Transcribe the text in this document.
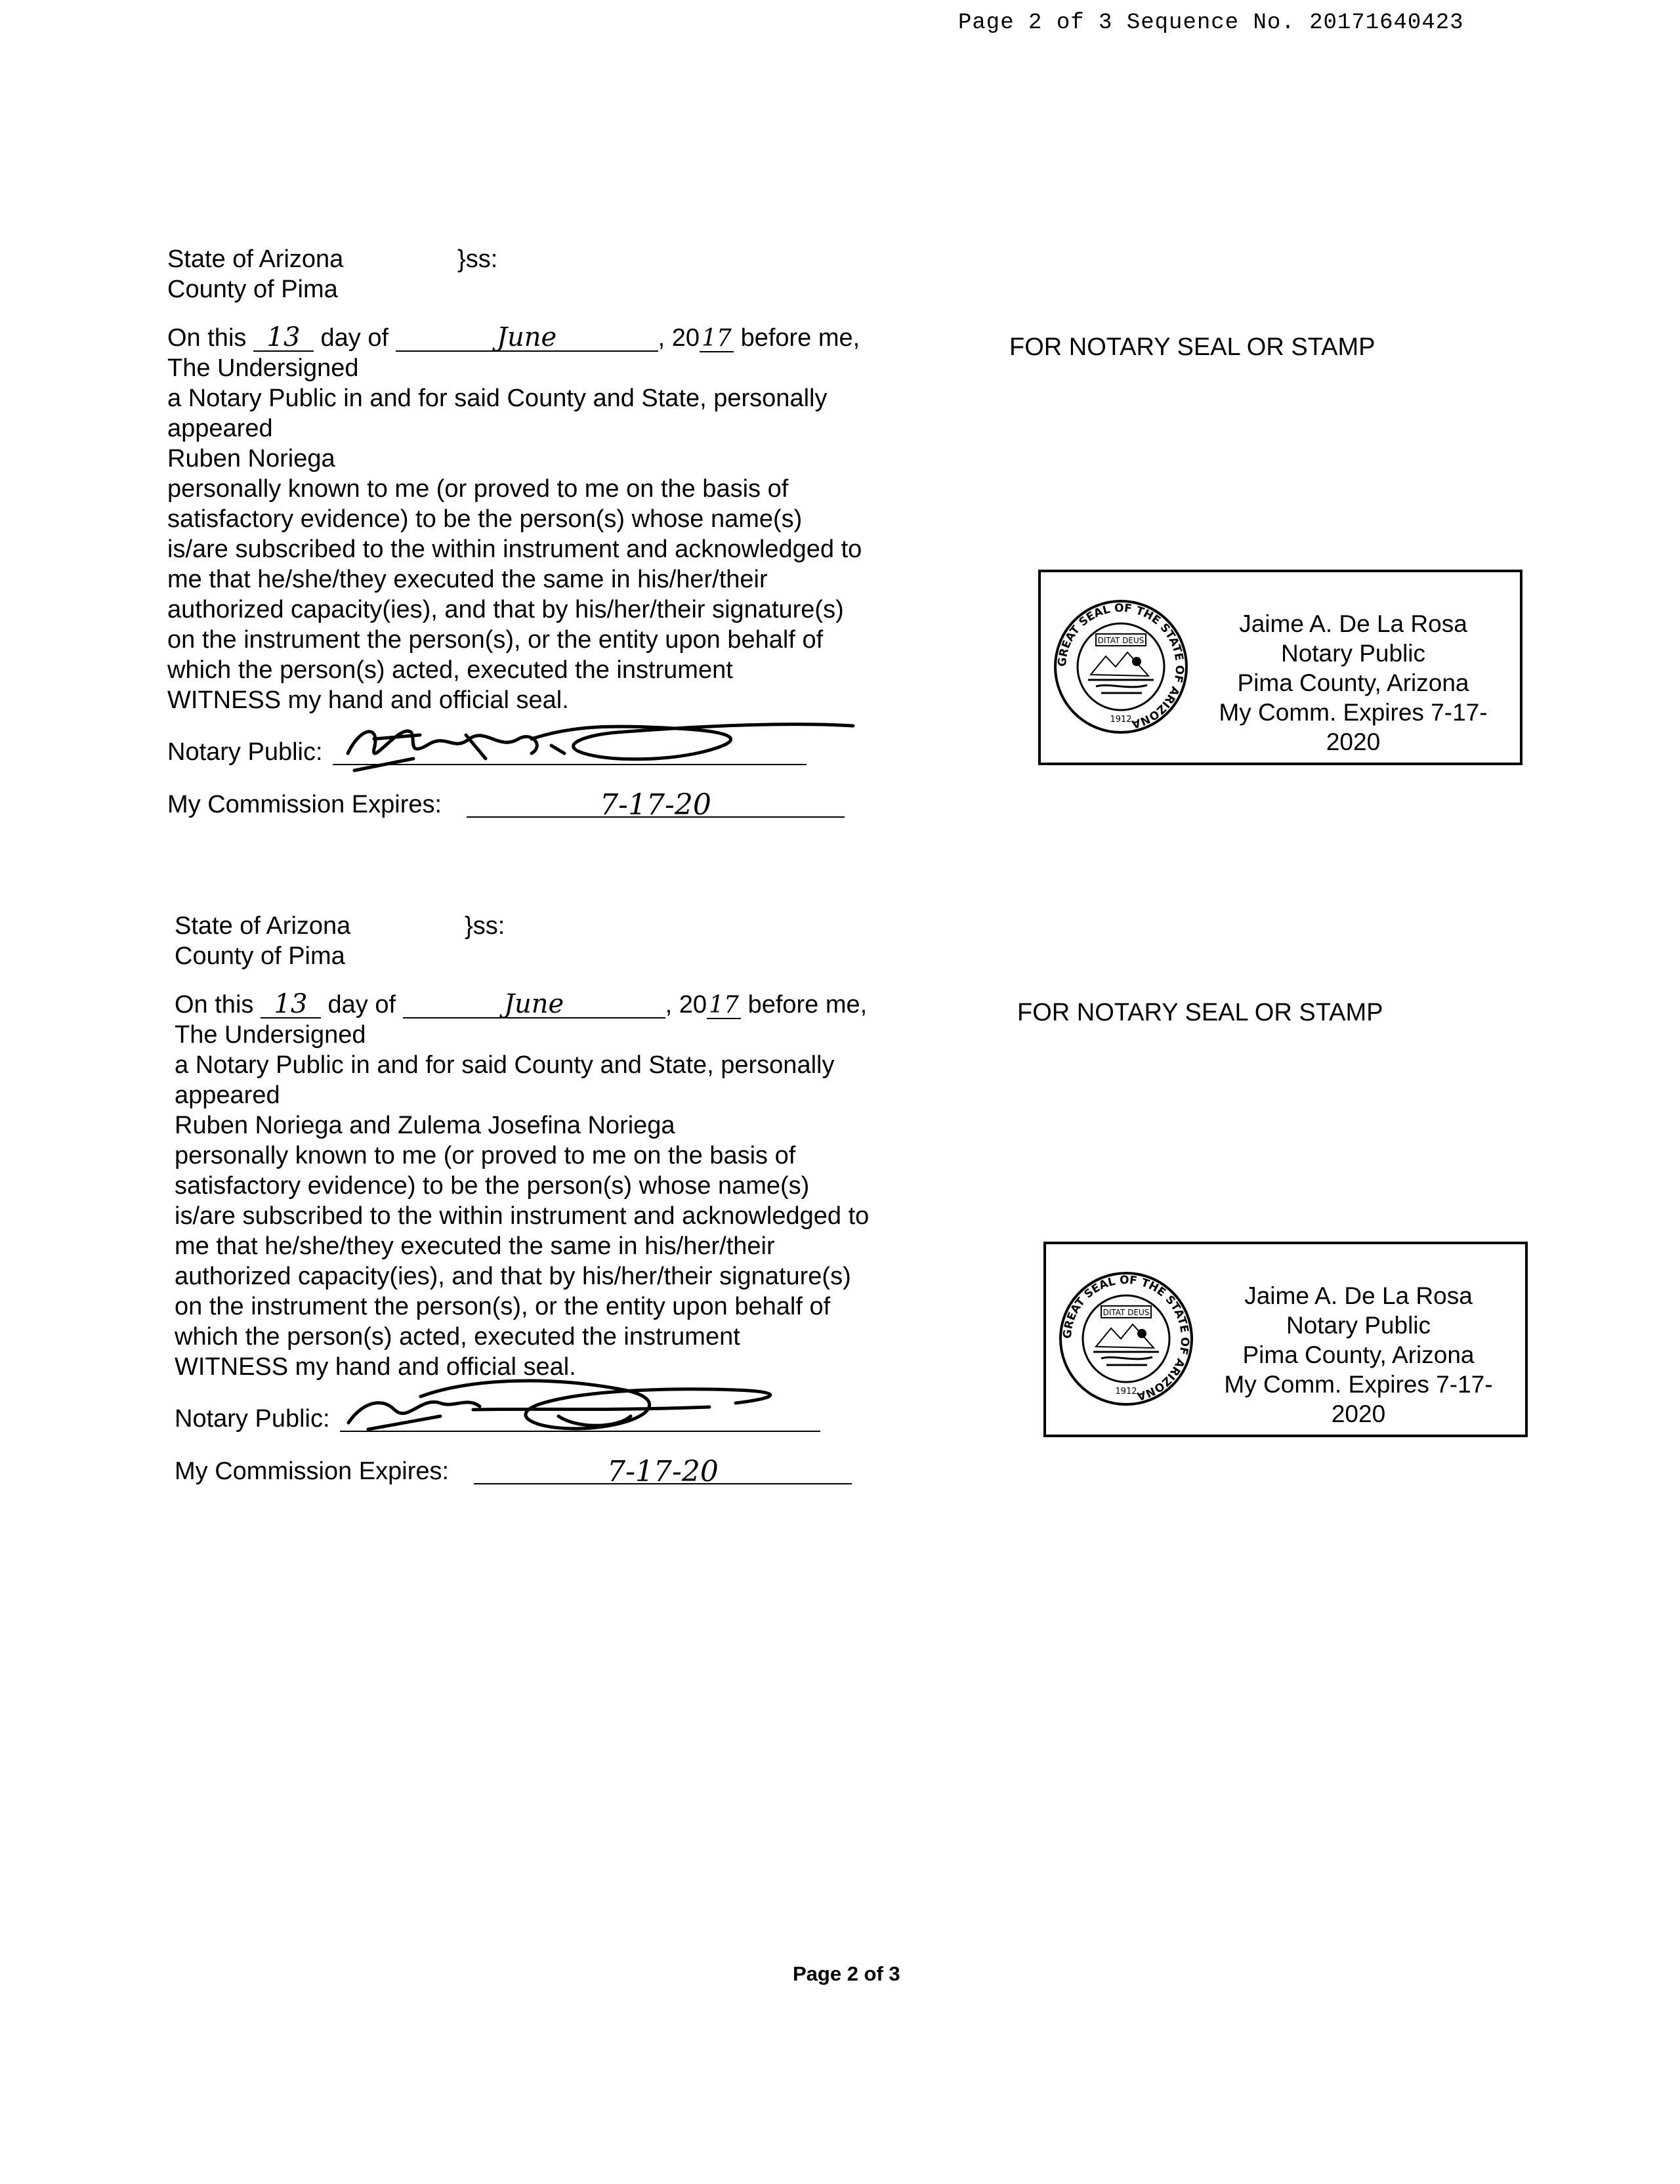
Page 2 of 3 Sequence No. 20171640423
State of Arizona	}ss:
County of Pima
On this 13 day of	June	, 2017 before me,
The Undersigned
a Notary Public in and for said County and State, personally
appeared
Ruben Noriega
personally known to me (or proved to me on the basis of
satisfactory evidence) to be the person(s) whose name(s)
is/are subscribed to the within instrument and acknowledged to
me that he/she/they executed the same in his/her/their
authorized capacity(ies), and that by his/her/their signature(s)
on the instrument the person(s), or the entity upon behalf of
which the person(s) acted, executed the instrument
WITNESS my hand and official seal.
Notary Public:
My Commission Expires:	7-17-20
FOR NOTARY SEAL OR STAMP
GREAT SEAL OF THE STATE OF ARIZONA
DITAT DEUS
1912
Jaime A. De La Rosa
Notary Public
Pima County, Arizona
My Comm. Expires 7-17-2020
State of Arizona	}ss:
County of Pima
On this 13 day of	June	, 2017 before me,
The Undersigned
a Notary Public in and for said County and State, personally
appeared
Ruben Noriega and Zulema Josefina Noriega
personally known to me (or proved to me on the basis of
satisfactory evidence) to be the person(s) whose name(s)
is/are subscribed to the within instrument and acknowledged to
me that he/she/they executed the same in his/her/their
authorized capacity(ies), and that by his/her/their signature(s)
on the instrument the person(s), or the entity upon behalf of
which the person(s) acted, executed the instrument
WITNESS my hand and official seal.
Notary Public:
My Commission Expires:	7-17-20
FOR NOTARY SEAL OR STAMP
GREAT SEAL OF THE STATE OF ARIZONA
DITAT DEUS
1912
Jaime A. De La Rosa
Notary Public
Pima County, Arizona
My Comm. Expires 7-17-2020
Page 2 of 3
